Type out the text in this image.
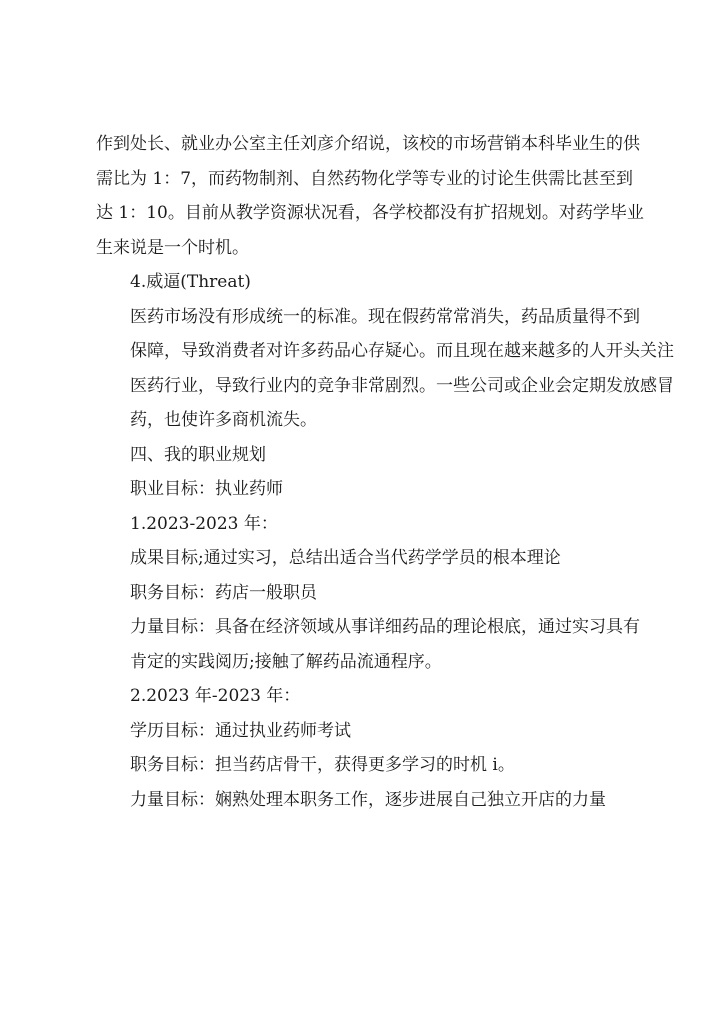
作到处长、就业办公室主任刘彦介绍说，该校的市场营销本科毕业生的供
需比为 1：7，而药物制剂、自然药物化学等专业的讨论生供需比甚至到
达 1：10。目前从教学资源状况看，各学校都没有扩招规划。对药学毕业
生来说是一个时机。

4.威逼(Threat)

医药市场没有形成统一的标准。现在假药常常消失，药品质量得不到
保障，导致消费者对许多药品心存疑心。而且现在越来越多的人开头关注
医药行业，导致行业内的竞争非常剧烈。一些公司或企业会定期发放感冒
药，也使许多商机流失。

四、我的职业规划

职业目标：执业药师

1.2023-2023 年：

成果目标;通过实习，总结出适合当代药学学员的根本理论

职务目标：药店一般职员

力量目标：具备在经济领域从事详细药品的理论根底，通过实习具有
肯定的实践阅历;接触了解药品流通程序。

2.2023 年-2023 年：

学历目标：通过执业药师考试

职务目标：担当药店骨干，获得更多学习的时机 i。

力量目标：娴熟处理本职务工作，逐步进展自己独立开店的力量
